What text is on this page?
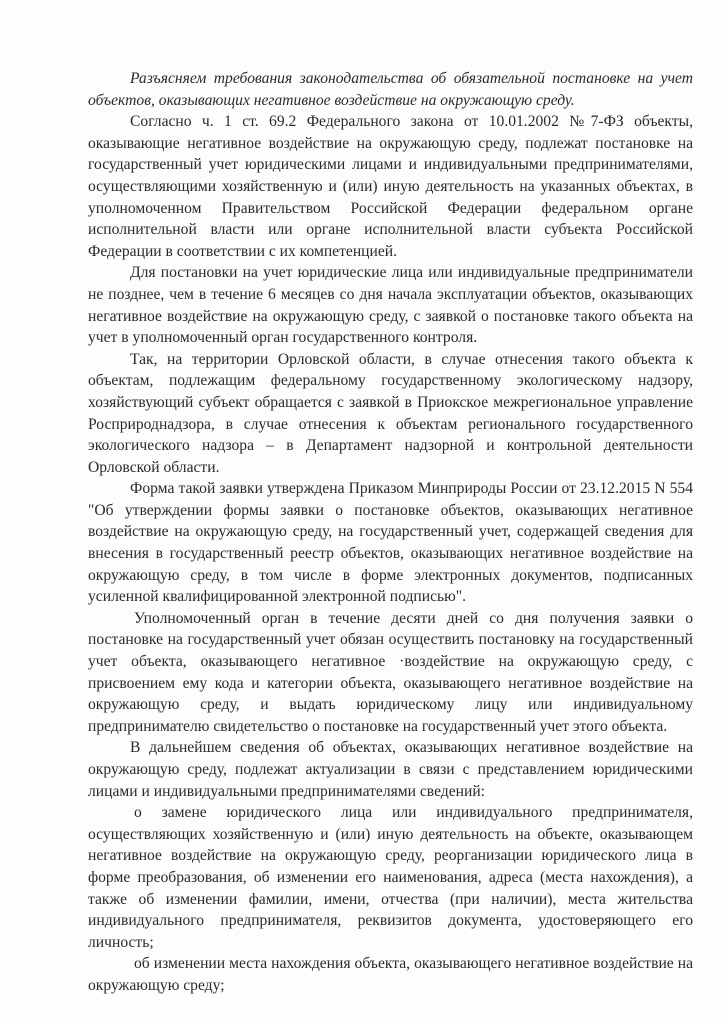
Разъясняем требования законодательства об обязательной постановке на учет объектов, оказывающих негативное воздействие на окружающую среду.

Согласно ч. 1 ст. 69.2 Федерального закона от 10.01.2002 №7-ФЗ объекты, оказывающие негативное воздействие на окружающую среду, подлежат постановке на государственный учет юридическими лицами и индивидуальными предпринимателями, осуществляющими хозяйственную и (или) иную деятельность на указанных объектах, в уполномоченном Правительством Российской Федерации федеральном органе исполнительной власти или органе исполнительной власти субъекта Российской Федерации в соответствии с их компетенцией.

Для постановки на учет юридические лица или индивидуальные предприниматели не позднее, чем в течение 6 месяцев со дня начала эксплуатации объектов, оказывающих негативное воздействие на окружающую среду, с заявкой о постановке такого объекта на учет в уполномоченный орган государственного контроля.

Так, на территории Орловской области, в случае отнесения такого объекта к объектам, подлежащим федеральному государственному экологическому надзору, хозяйствующий субъект обращается с заявкой в Приокское межрегиональное управление Росприроднадзора, в случае отнесения к объектам регионального государственного экологического надзора – в Департамент надзорной и контрольной деятельности Орловской области.

Форма такой заявки утверждена Приказом Минприроды России от 23.12.2015 N 554 "Об утверждении формы заявки о постановке объектов, оказывающих негативное воздействие на окружающую среду, на государственный учет, содержащей сведения для внесения в государственный реестр объектов, оказывающих негативное воздействие на окружающую среду, в том числе в форме электронных документов, подписанных усиленной квалифицированной электронной подписью".

Уполномоченный орган в течение десяти дней со дня получения заявки о постановке на государственный учет обязан осуществить постановку на государственный учет объекта, оказывающего негативное ·воздействие на окружающую среду, с присвоением ему кода и категории объекта, оказывающего негативное воздействие на окружающую среду, и выдать юридическому лицу или индивидуальному предпринимателю свидетельство о постановке на государственный учет этого объекта.

В дальнейшем сведения об объектах, оказывающих негативное воздействие на окружающую среду, подлежат актуализации в связи с представлением юридическими лицами и индивидуальными предпринимателями сведений:

о замене юридического лица или индивидуального предпринимателя, осуществляющих хозяйственную и (или) иную деятельность на объекте, оказывающем негативное воздействие на окружающую среду, реорганизации юридического лица в форме преобразования, об изменении его наименования, адреса (места нахождения), а также об изменении фамилии, имени, отчества (при наличии), места жительства индивидуального предпринимателя, реквизитов документа, удостоверяющего его личность;

об изменении места нахождения объекта, оказывающего негативное воздействие на окружающую среду;
